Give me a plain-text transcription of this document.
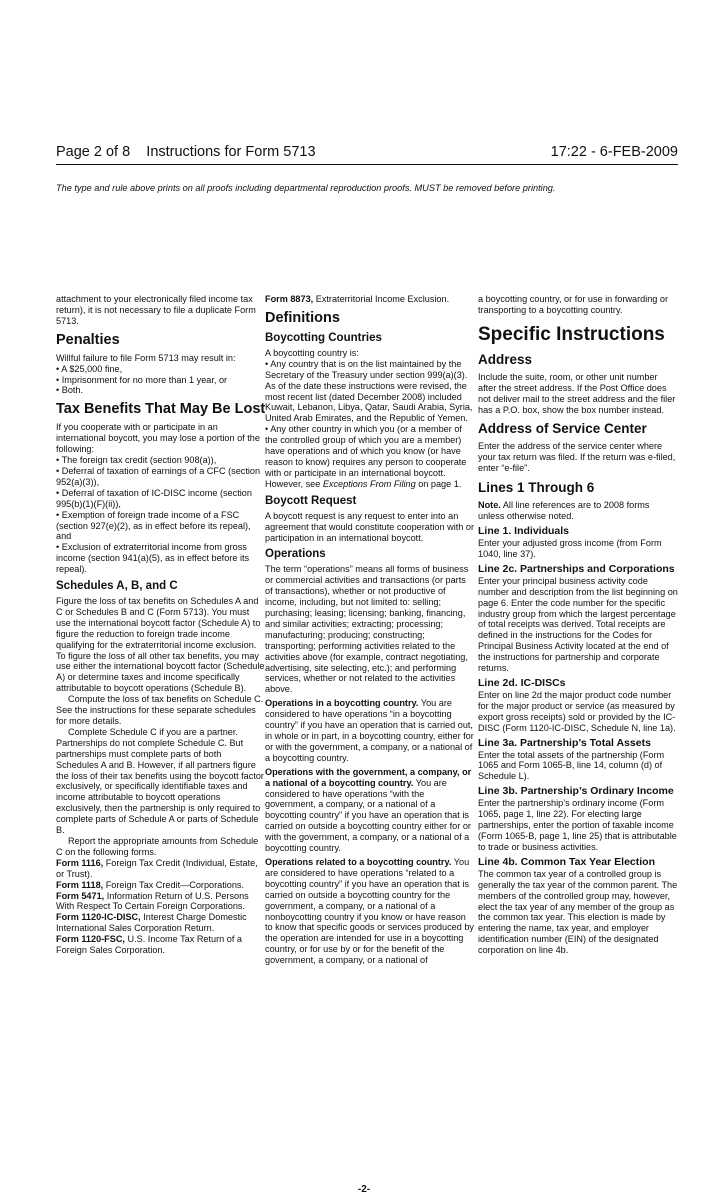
Page 2 of 8    Instructions for Form 5713	17:22 - 6-FEB-2009
The type and rule above prints on all proofs including departmental reproduction proofs. MUST be removed before printing.

attachment to your electronically filed income tax return), it is not necessary to file a duplicate Form 5713.

Penalties

Willful failure to file Form 5713 may result in:

• A $25,000 fine,

• Imprisonment for no more than 1 year, or

• Both.

Tax Benefits That May Be Lost

If you cooperate with or participate in an international boycott, you may lose a portion of the following:

• The foreign tax credit (section 908(a)),

• Deferral of taxation of earnings of a CFC (section 952(a)(3)),

• Deferral of taxation of IC-DISC income (section 995(b)(1)(F)(ii)),

• Exemption of foreign trade income of a FSC (section 927(e)(2), as in effect before its repeal), and

• Exclusion of extraterritorial income from gross income (section 941(a)(5), as in effect before its repeal).

Schedules A, B, and C

Figure the loss of tax benefits on Schedules A and C or Schedules B and C (Form 5713). You must use the international boycott factor (Schedule A) to figure the reduction to foreign trade income qualifying for the extraterritorial income exclusion. To figure the loss of all other tax benefits, you may use either the international boycott factor (Schedule A) or determine taxes and income specifically attributable to boycott operations (Schedule B).

Compute the loss of tax benefits on Schedule C. See the instructions for these separate schedules for more details.

Complete Schedule C if you are a partner. Partnerships do not complete Schedule C. But partnerships must complete parts of both Schedules A and B. However, if all partners figure the loss of their tax benefits using the boycott factor exclusively, or specifically identifiable taxes and income attributable to boycott operations exclusively, then the partnership is only required to complete parts of Schedule A or parts of Schedule B.

Report the appropriate amounts from Schedule C on the following forms.

Form 1116, Foreign Tax Credit (Individual, Estate, or Trust).

Form 1118, Foreign Tax Credit—Corporations.

Form 5471, Information Return of U.S. Persons With Respect To Certain Foreign Corporations.

Form 1120-IC-DISC, Interest Charge Domestic International Sales Corporation Return.

Form 1120-FSC, U.S. Income Tax Return of a Foreign Sales Corporation.

Form 8873, Extraterritorial Income Exclusion.

Definitions
Boycotting Countries

A boycotting country is:

• Any country that is on the list maintained by the Secretary of the Treasury under section 999(a)(3). As of the date these instructions were revised, the most recent list (dated December 2008) included Kuwait, Lebanon, Libya, Qatar, Saudi Arabia, Syria, United Arab Emirates, and the Republic of Yemen.

• Any other country in which you (or a member of the controlled group of which you are a member) have operations and of which you know (or have reason to know) requires any person to cooperate with or participate in an international boycott. However, see Exceptions From Filing on page 1.

Boycott Request

A boycott request is any request to enter into an agreement that would constitute cooperation with or participation in an international boycott.

Operations

The term “operations” means all forms of business or commercial activities and transactions (or parts of transactions), whether or not productive of income, including, but not limited to: selling; purchasing; leasing; licensing; banking, financing, and similar activities; extracting; processing; manufacturing; producing; constructing; transporting; performing activities related to the activities above (for example, contract negotiating, advertising, site selecting, etc.); and performing services, whether or not related to the activities above.

Operations in a boycotting country. You are considered to have operations “in a boycotting country” if you have an operation that is carried out, in whole or in part, in a boycotting country, either for or with the government, a company, or a national of a boycotting country.

Operations with the government, a company, or a national of a boycotting country. You are considered to have operations “with the government, a company, or a national of a boycotting country” if you have an operation that is carried on outside a boycotting country either for or with the government, a company, or a national of a boycotting country.

Operations related to a boycotting country. You are considered to have operations “related to a boycotting country” if you have an operation that is carried on outside a boycotting country for the government, a company, or a national of a nonboycotting country if you know or have reason to know that specific goods or services produced by the operation are intended for use in a boycotting country, or for use by or for the benefit of the government, a company, or a national of

a boycotting country, or for use in forwarding or transporting to a boycotting country.

Specific Instructions
Address

Include the suite, room, or other unit number after the street address. If the Post Office does not deliver mail to the street address and the filer has a P.O. box, show the box number instead.

Address of Service Center

Enter the address of the service center where your tax return was filed. If the return was e-filed, enter “e-file”.

Lines 1 Through 6

Note. All line references are to 2008 forms unless otherwise noted.

Line 1. Individuals

Enter your adjusted gross income (from Form 1040, line 37).

Line 2c. Partnerships and Corporations

Enter your principal business activity code number and description from the list beginning on page 6. Enter the code number for the specific industry group from which the largest percentage of total receipts was derived. Total receipts are defined in the instructions for the Codes for Principal Business Activity located at the end of the instructions for partnership and corporate returns.

Line 2d. IC-DISCs

Enter on line 2d the major product code number for the major product or service (as measured by export gross receipts) sold or provided by the IC-DISC (Form 1120-IC-DISC, Schedule N, line 1a).

Line 3a. Partnership’s Total Assets

Enter the total assets of the partnership (Form 1065 and Form 1065-B, line 14, column (d) of Schedule L).

Line 3b. Partnership’s Ordinary Income

Enter the partnership’s ordinary income (Form 1065, page 1, line 22). For electing large partnerships, enter the portion of taxable income (Form 1065-B, page 1, line 25) that is attributable to trade or business activities.

Line 4b. Common Tax Year Election

The common tax year of a controlled group is generally the tax year of the common parent. The members of the controlled group may, however, elect the tax year of any member of the group as the common tax year. This election is made by entering the name, tax year, and employer identification number (EIN) of the designated corporation on line 4b.

-2-
